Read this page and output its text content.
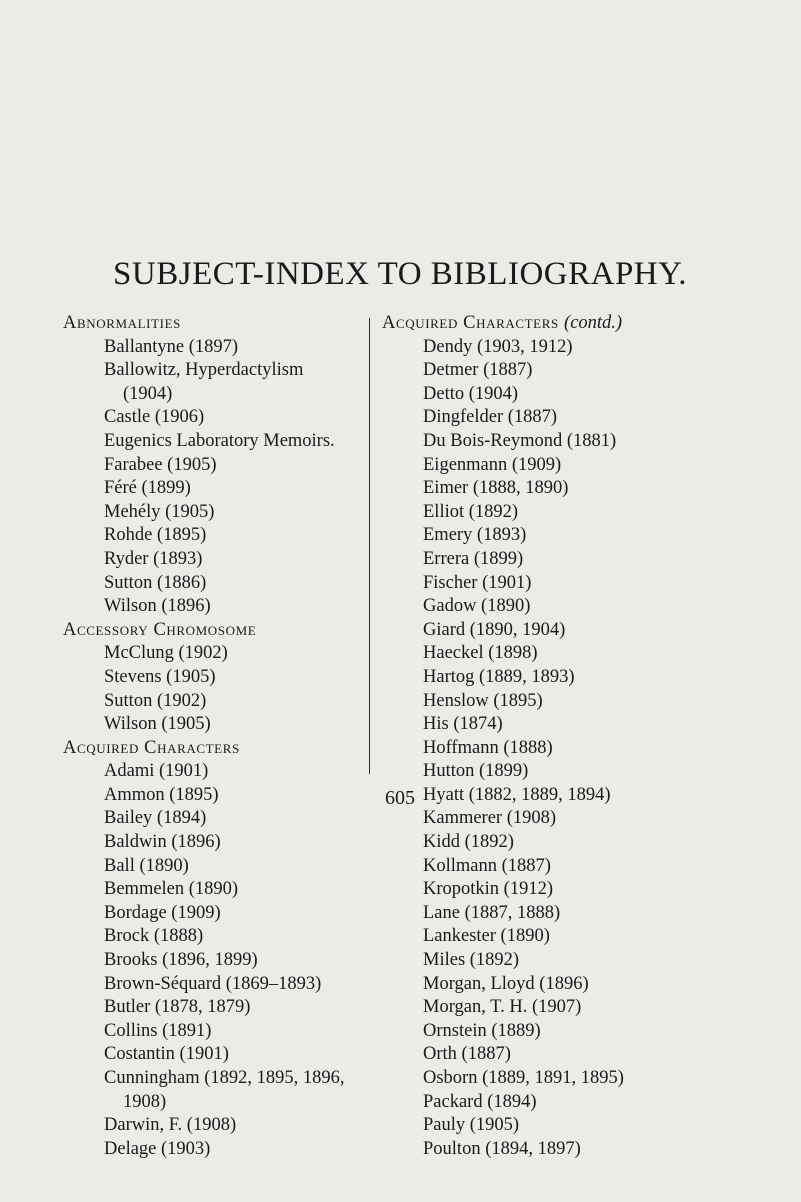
SUBJECT-INDEX TO BIBLIOGRAPHY.
Abnormalities
Ballantyne (1897)
Ballowitz, Hyperdactylism
(1904)
Castle (1906)
Eugenics Laboratory Memoirs.
Farabee (1905)
Féré (1899)
Mehély (1905)
Rohde (1895)
Ryder (1893)
Sutton (1886)
Wilson (1896)
Accessory Chromosome
McClung (1902)
Stevens (1905)
Sutton (1902)
Wilson (1905)
Acquired Characters
Adami (1901)
Ammon (1895)
Bailey (1894)
Baldwin (1896)
Ball (1890)
Bemmelen (1890)
Bordage (1909)
Brock (1888)
Brooks (1896, 1899)
Brown-Séquard (1869–1893)
Butler (1878, 1879)
Collins (1891)
Costantin (1901)
Cunningham (1892, 1895, 1896,
1908)
Darwin, F. (1908)
Delage (1903)
Acquired Characters (contd.)
Dendy (1903, 1912)
Detmer (1887)
Detto (1904)
Dingfelder (1887)
Du Bois-Reymond (1881)
Eigenmann (1909)
Eimer (1888, 1890)
Elliot (1892)
Emery (1893)
Errera (1899)
Fischer (1901)
Gadow (1890)
Giard (1890, 1904)
Haeckel (1898)
Hartog (1889, 1893)
Henslow (1895)
His (1874)
Hoffmann (1888)
Hutton (1899)
Hyatt (1882, 1889, 1894)
Kammerer (1908)
Kidd (1892)
Kollmann (1887)
Kropotkin (1912)
Lane (1887, 1888)
Lankester (1890)
Miles (1892)
Morgan, Lloyd (1896)
Morgan, T. H. (1907)
Ornstein (1889)
Orth (1887)
Osborn (1889, 1891, 1895)
Packard (1894)
Pauly (1905)
Poulton (1894, 1897)
605
